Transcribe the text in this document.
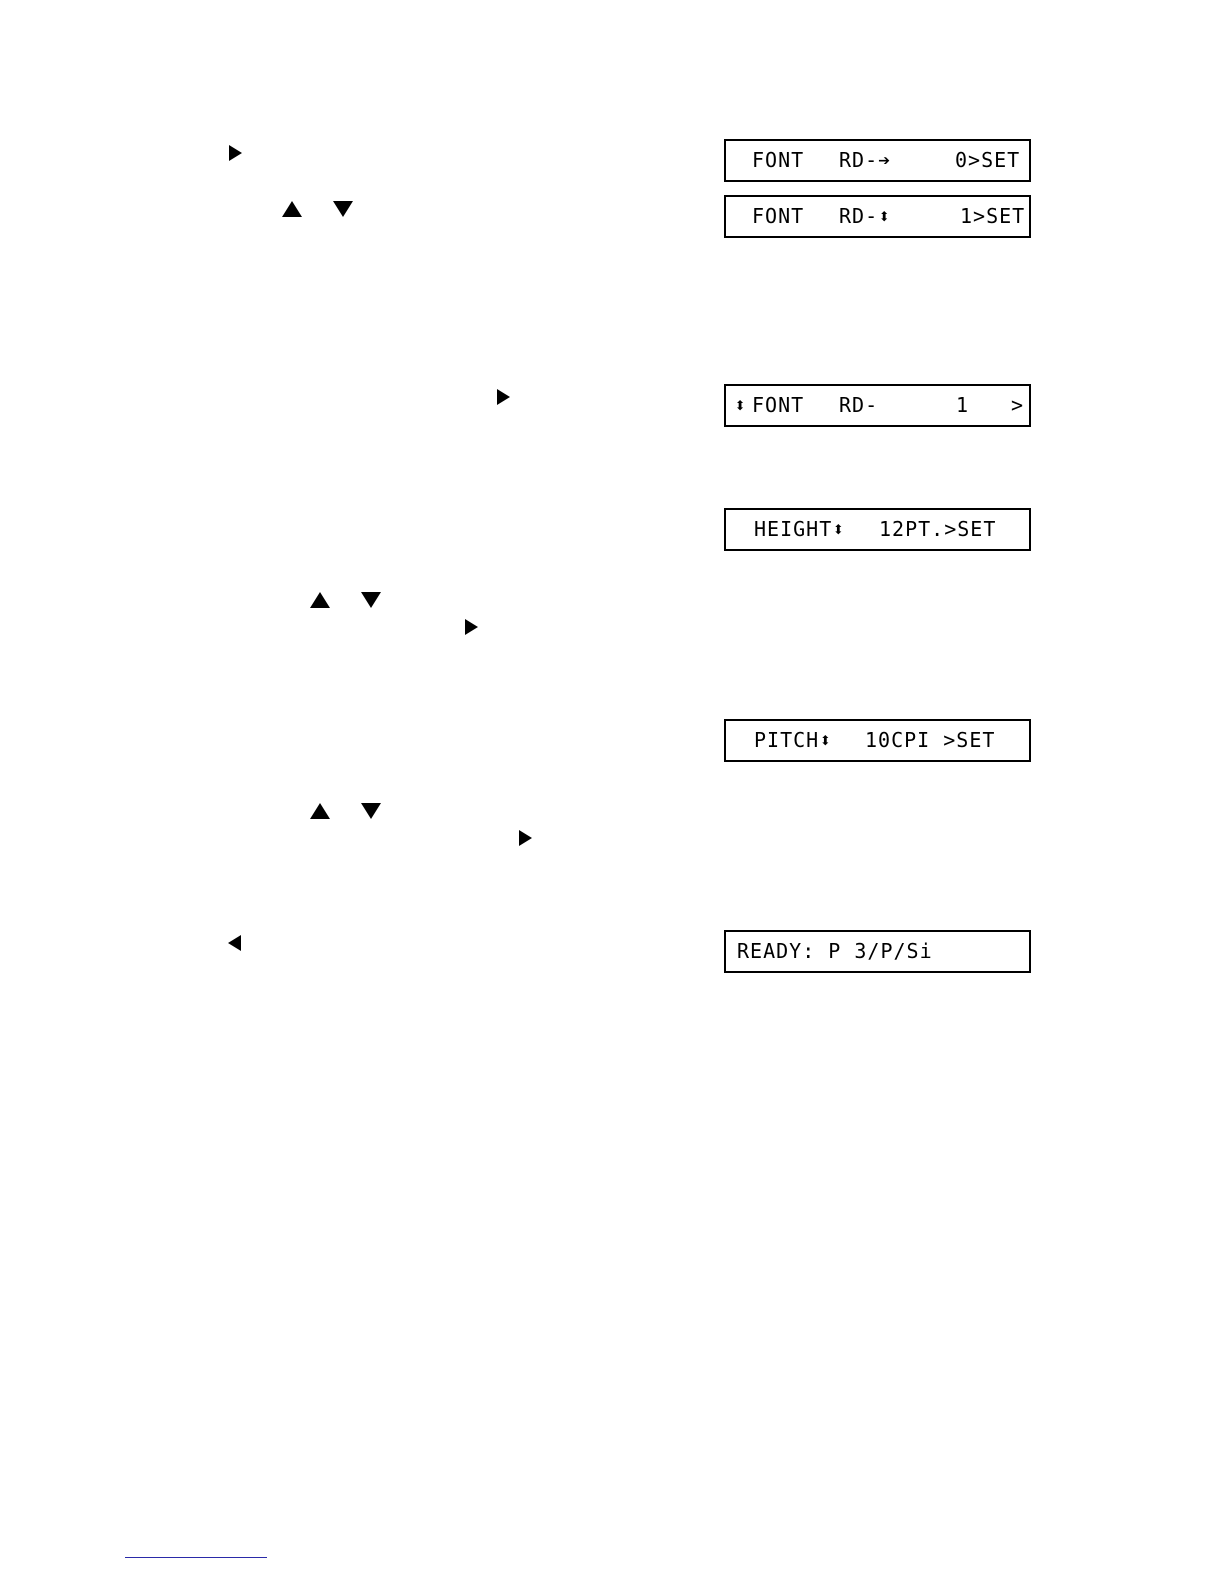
FONT RD-➔	0>SET
FONT RD-⬍	1>SET
⬍ FONT RD-	1 >
HEIGHT⬍ 12PT.>SET
PITCH⬍ 10CPI >SET
READY: P 3/P/Si
